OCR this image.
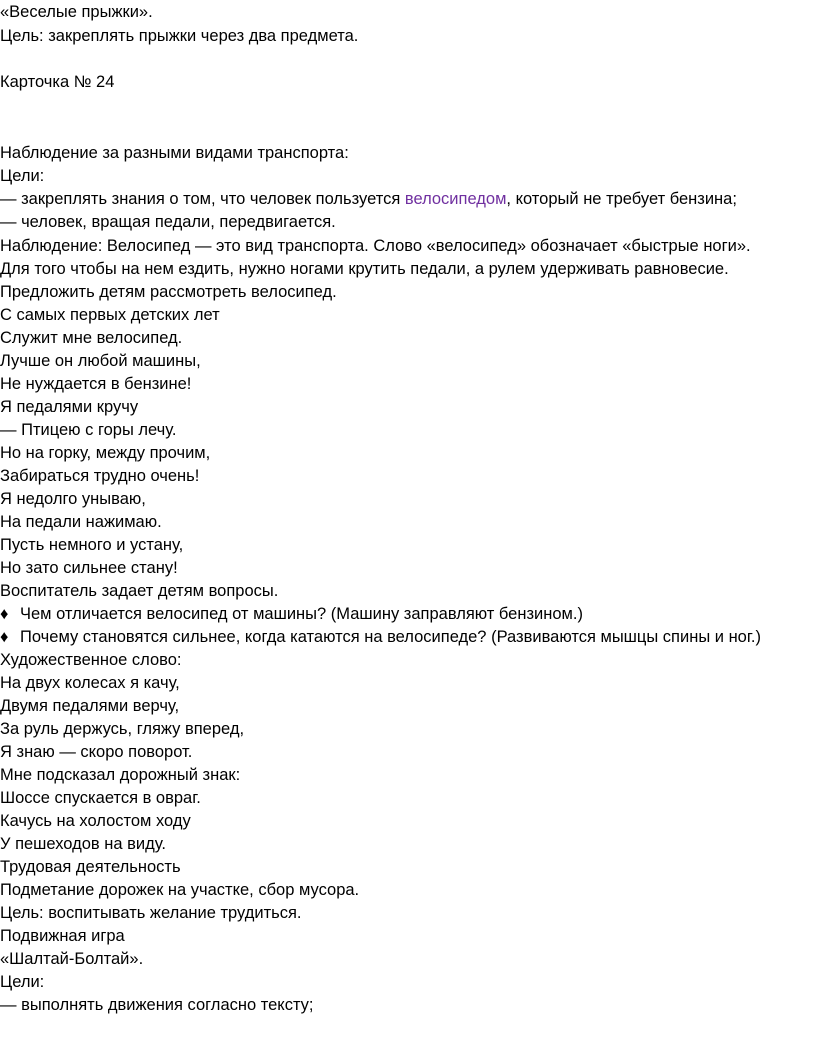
«Веселые прыжки».
Цель: закреплять прыжки через два предмета.
Карточка № 24
Наблюдение за разными видами транспорта:
Цели:
— закреплять знания о том, что человек пользуется велосипедом, который не требует бензина;
— человек, вращая педали, передвигается.
Наблюдение: Велосипед — это вид транспорта. Слово «велосипед» обозначает «быстрые ноги».
Для того чтобы на нем ездить, нужно ногами крутить педали, а рулем удерживать равновесие.
Предложить детям рассмотреть велосипед.
С самых первых детских лет
Служит мне велосипед.
Лучше он любой машины,
Не нуждается в бензине!
Я педалями кручу
— Птицею с горы лечу.
Но на горку, между прочим,
Забираться трудно очень!
Я недолго унываю,
На педали нажимаю.
Пусть немного и устану,
Но зато сильнее стану!
Воспитатель задает детям вопросы.
♦ Чем отличается велосипед от машины? (Машину заправляют бензином.)
♦ Почему становятся сильнее, когда катаются на велосипеде? (Развиваются мышцы спины и ног.)
Художественное слово:
На двух колесах я качу,
Двумя педалями верчу,
За руль держусь, гляжу вперед,
Я знаю — скоро поворот.
Мне подсказал дорожный знак:
Шоссе спускается в овраг.
Качусь на холостом ходу
У пешеходов на виду.
Трудовая деятельность
Подметание дорожек на участке, сбор мусора.
Цель: воспитывать желание трудиться.
Подвижная игра
«Шалтай-Болтай».
Цели:
— выполнять движения согласно тексту;
